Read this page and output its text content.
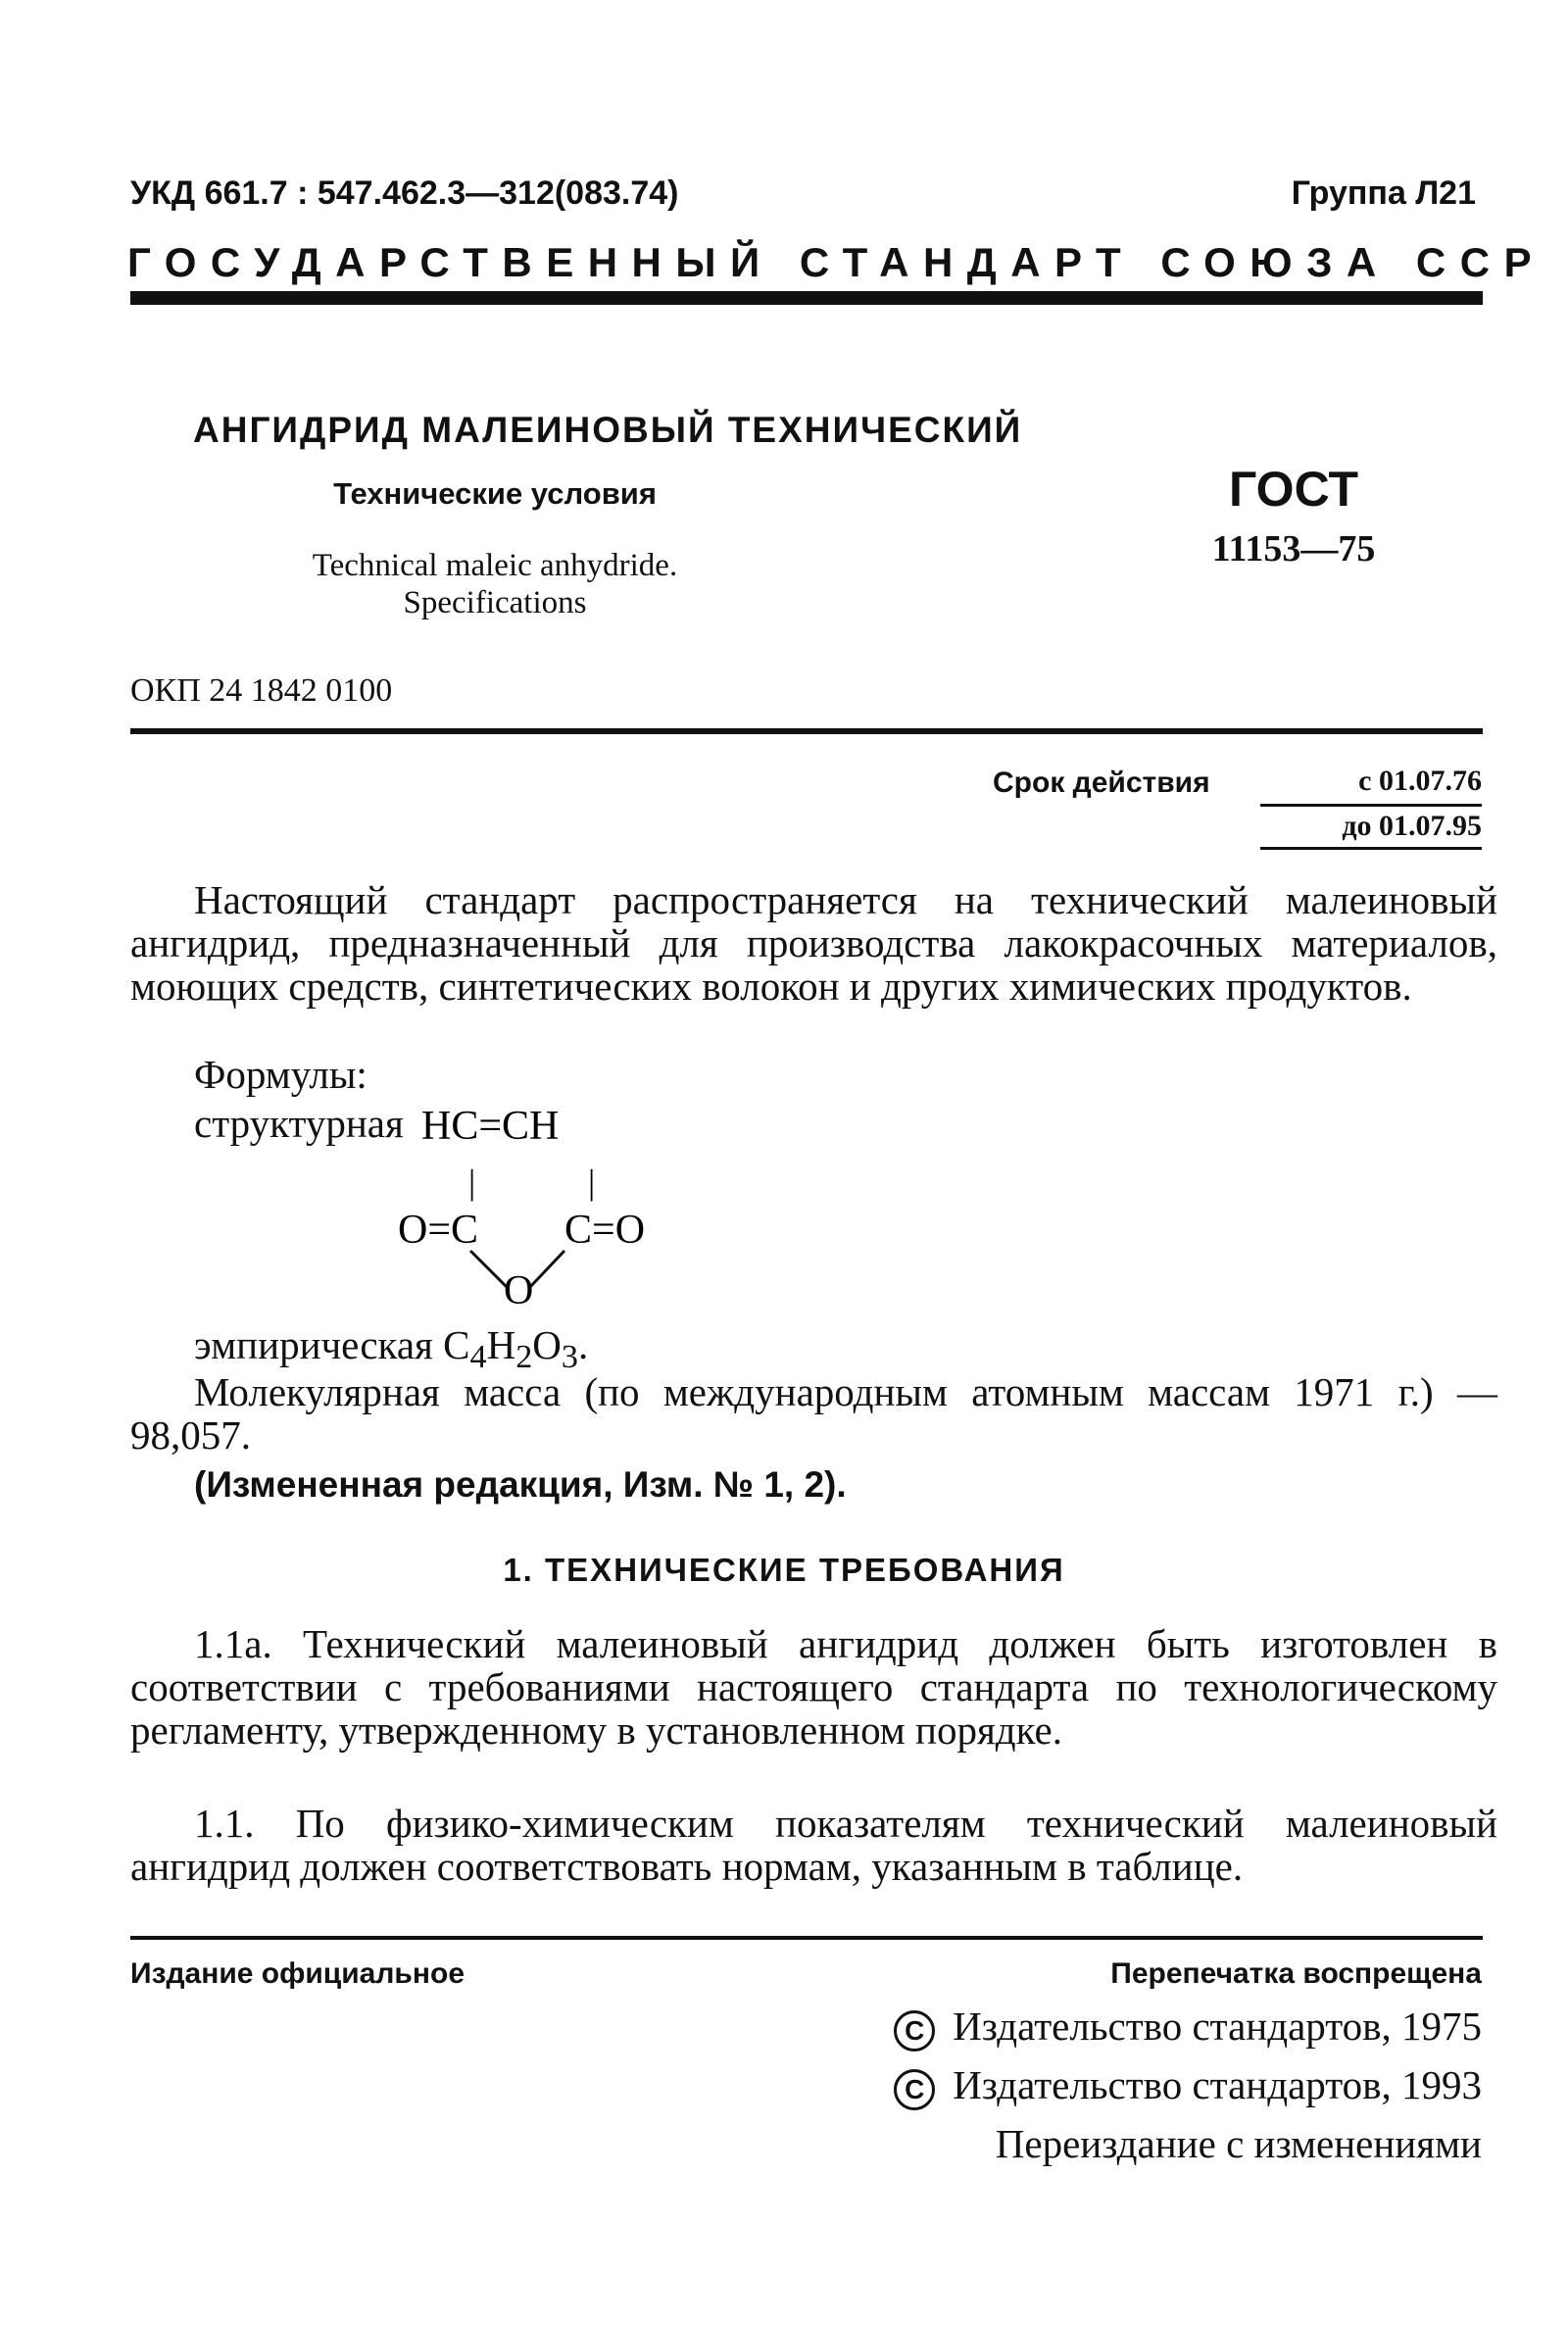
УКД 661.7 : 547.462.3—312(083.74)	Группа Л21
ГОСУДАРСТВЕННЫЙ СТАНДАРТ СОЮЗА ССР
АНГИДРИД МАЛЕИНОВЫЙ ТЕХНИЧЕСКИЙ
Технические условия
Technical maleic anhydride.
Specifications
ГОСТ
11153—75
ОКП 24 1842 0100
Срок действия	с 01.07.76
до 01.07.95
Настоящий стандарт распространяется на технический малеиновый ангидрид, предназначенный для производства лакокрасочных материалов, моющих средств, синтетических волокон и других химических продуктов.
Формулы:
структурная HC=CH
|	|
O=C C=O
O
эмпирическая $C_4H_2O_3$.
Молекулярная масса (по международным атомным массам 1971 г.) — 98,057.
(Измененная редакция, Изм. № 1, 2).
1. ТЕХНИЧЕСКИЕ ТРЕБОВАНИЯ
1.1а. Технический малеиновый ангидрид должен быть изготовлен в соответствии с требованиями настоящего стандарта по технологическому регламенту, утвержденному в установленном порядке.
1.1. По физико-химическим показателям технический малеиновый ангидрид должен соответствовать нормам, указанным в таблице.
Издание официальное	Перепечатка воспрещена
C Издательство стандартов, 1975
C Издательство стандартов, 1993
Переиздание с изменениями
